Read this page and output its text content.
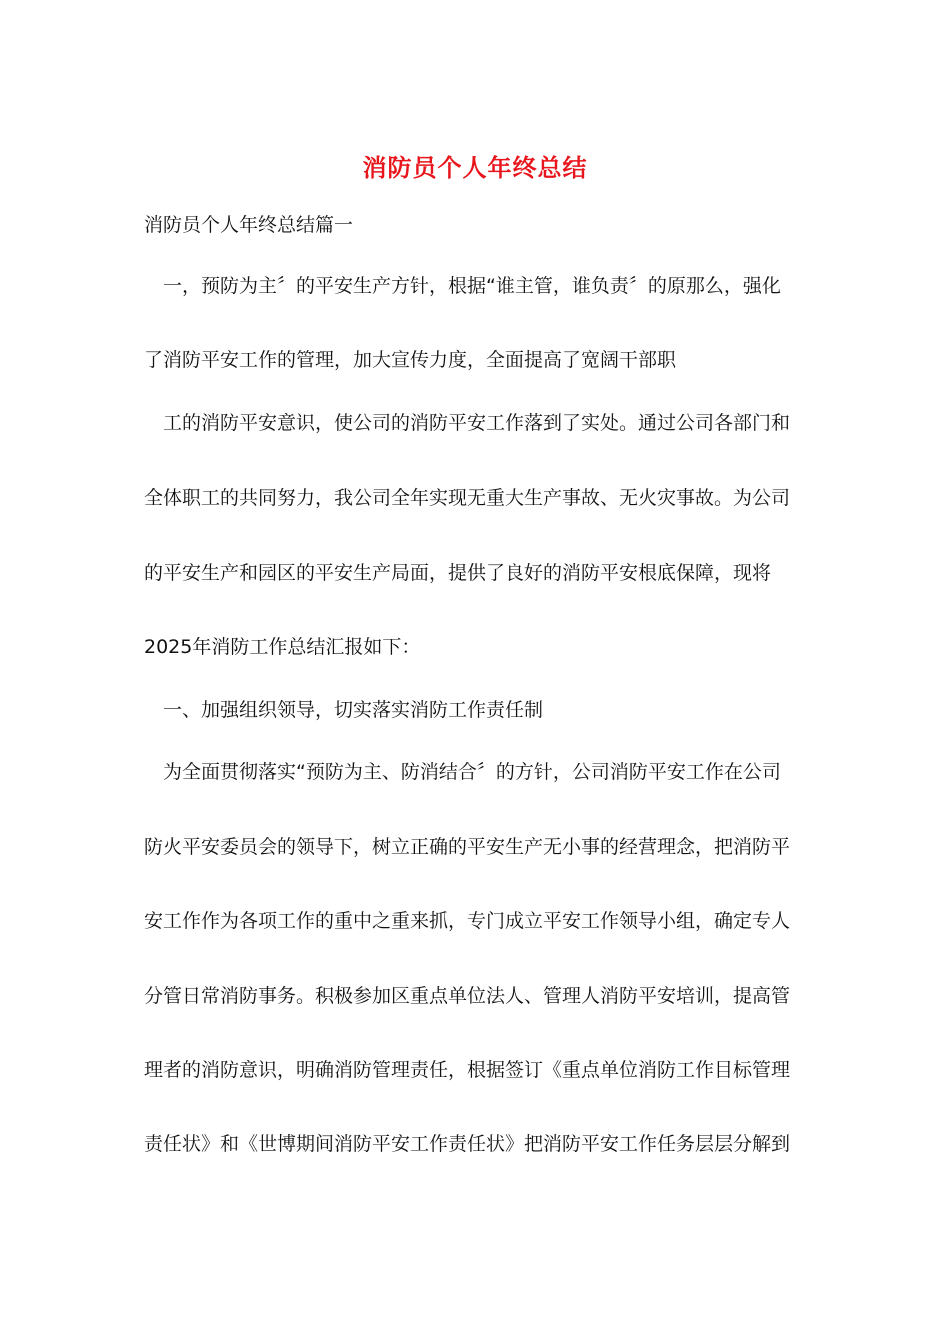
消防员个人年终总结
消防员个人年终总结篇一
一，预防为主〞的平安生产方针，根据“谁主管，谁负责〞的原那么，强化
了消防平安工作的管理，加大宣传力度，全面提高了宽阔干部职
工的消防平安意识，使公司的消防平安工作落到了实处。通过公司各部门和
全体职工的共同努力，我公司全年实现无重大生产事故、无火灾事故。为公司
的平安生产和园区的平安生产局面，提供了良好的消防平安根底保障，现将
2025年消防工作总结汇报如下：
一、加强组织领导，切实落实消防工作责任制
为全面贯彻落实“预防为主、防消结合〞的方针，公司消防平安工作在公司
防火平安委员会的领导下，树立正确的平安生产无小事的经营理念，把消防平
安工作作为各项工作的重中之重来抓，专门成立平安工作领导小组，确定专人
分管日常消防事务。积极参加区重点单位法人、管理人消防平安培训，提高管
理者的消防意识，明确消防管理责任，根据签订《重点单位消防工作目标管理
责任状》和《世博期间消防平安工作责任状》把消防平安工作任务层层分解到
